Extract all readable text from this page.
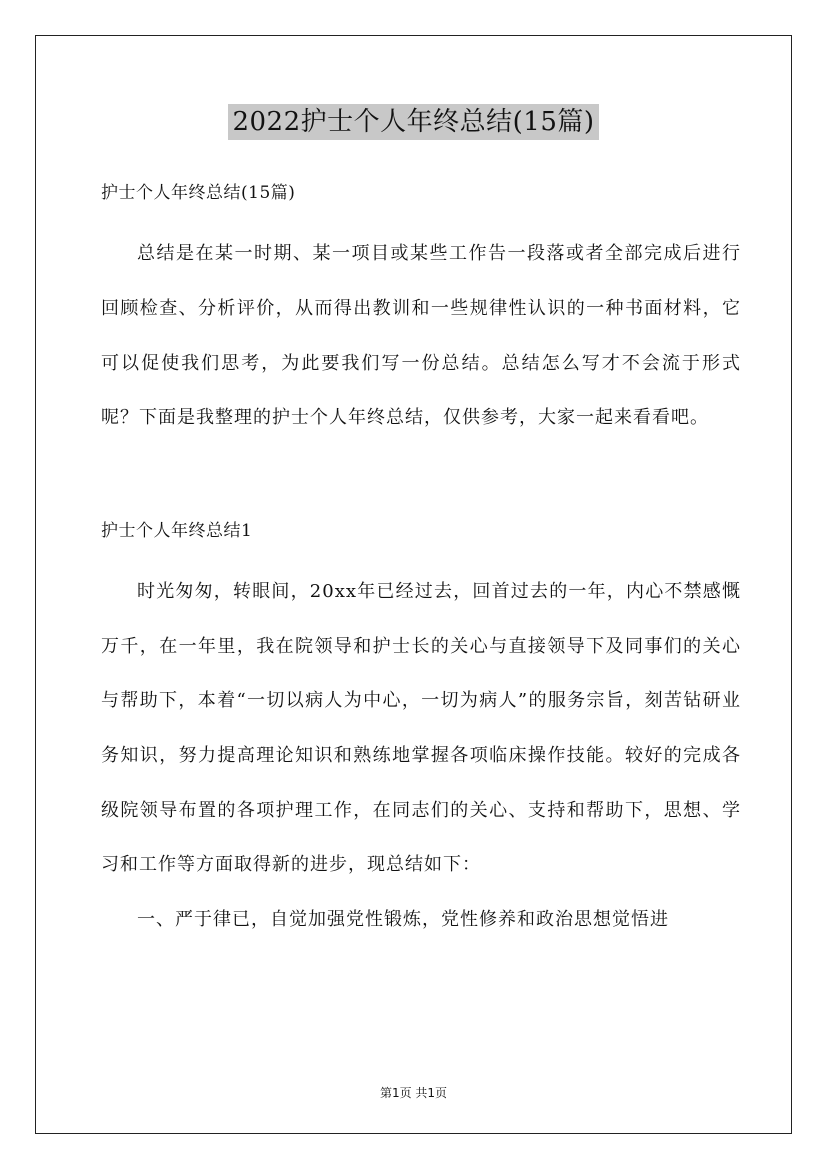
2022护士个人年终总结(15篇)

护士个人年终总结(15篇)

总结是在某一时期、某一项目或某些工作告一段落或者全部完成后进行回顾检查、分析评价，从而得出教训和一些规律性认识的一种书面材料，它可以促使我们思考，为此要我们写一份总结。总结怎么写才不会流于形式呢？下面是我整理的护士个人年终总结，仅供参考，大家一起来看看吧。

护士个人年终总结1

时光匆匆，转眼间，20xx年已经过去，回首过去的一年，内心不禁感慨万千，在一年里，我在院领导和护士长的关心与直接领导下及同事们的关心与帮助下，本着“一切以病人为中心，一切为病人”的服务宗旨，刻苦钻研业务知识，努力提高理论知识和熟练地掌握各项临床操作技能。较好的完成各级院领导布置的各项护理工作，在同志们的关心、支持和帮助下，思想、学习和工作等方面取得新的进步，现总结如下：

一、严于律已，自觉加强党性锻炼，党性修养和政治思想觉悟进

第1页 共1页
